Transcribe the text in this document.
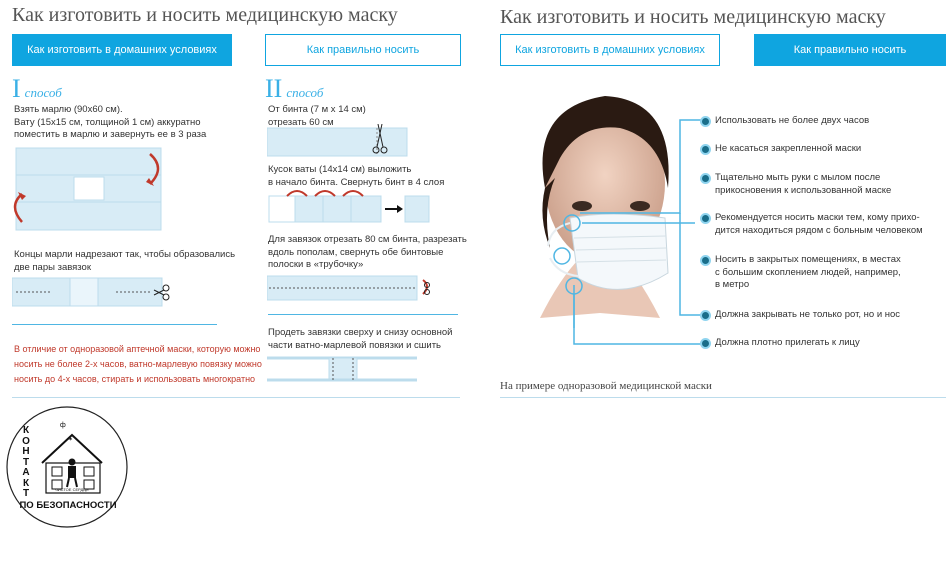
Как изготовить и носить медицинскую маску
Как изготовить в домашних условиях	Как правильно носить
I способ
Взять марлю (90х60 см).
Вату (15х15 см, толщиной 1 см) аккуратно
поместить в марлю и завернуть ее в 3 раза
Концы марли надрезают так, чтобы образовались
две пары завязок
В отличие от одноразовой аптечной маски, которую можно
носить не более 2-х часов, ватно-марлевую повязку можно
носить до 4-х часов, стирать и использовать многократно
II способ
От бинта (7 м х 14 см)
отрезать 60 см
Кусок ваты (14х14 см) выложить
в начало бинта. Свернуть бинт в 4 слоя
Для завязок отрезать 80 см бинта, разрезать
вдоль пополам, свернуть обе бинтовые
полоски в «трубочку»
Продеть завязки сверху и снизу основной
части ватно-марлевой повязки и сшить
Как изготовить и носить медицинскую маску
Как изготовить в домашних условиях	Как правильно носить
Использовать не более двух часов
Не касаться закрепленной маски
Тщательно мыть руки с мылом после
прикосновения к использованной маске
Рекомендуется носить маски тем, кому прихо-
дится находиться рядом с больным человеком
Носить в закрытых помещениях, в местах
с большим скоплением людей, например,
в метро
Должна закрывать не только рот, но и нос
Должна плотно прилегать к лицу
На примере одноразовой медицинской маски
ф
✶
КОНТАКТ	ЧИСТОЕ СЕРДЦЕ
ПО БЕЗОПАСНОСТИ
